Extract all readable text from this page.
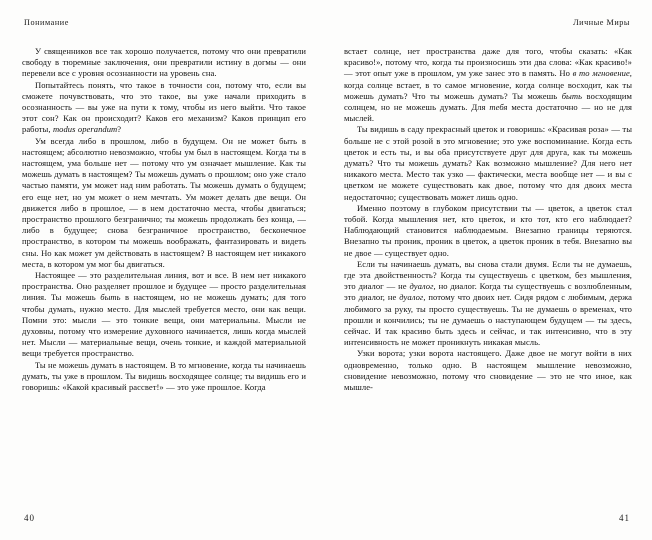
Понимание

У священников все так хорошо получается, потому что они превратили свободу в тюремные заключения, они превратили истину в догмы — они перевели все с уровня осознанности на уровень сна.

Попытайтесь понять, что такое в точности сон, потому что, если вы сможете почувствовать, что это такое, вы уже начали приходить в осознанность — вы уже на пути к тому, чтобы из него выйти. Что такое этот сон? Как он происходит? Каков его механизм? Каков принцип его работы, modus operandum?

Ум всегда либо в прошлом, либо в будущем. Он не может быть в настоящем; абсолютно невозможно, чтобы ум был в настоящем. Когда ты в настоящем, ума больше нет — потому что ум означает мышление. Как ты можешь думать в настоящем? Ты можешь думать о прошлом; оно уже стало частью памяти, ум может над ним работать. Ты можешь думать о будущем; его еще нет, но ум может о нем мечтать. Ум может делать две вещи. Он движется либо в прошлое, — в нем достаточно места, чтобы двигаться; пространство прошлого безгранично; ты можешь продолжать без конца, — либо в будущее; снова безграничное пространство, бесконечное пространство, в котором ты можешь воображать, фантазировать и видеть сны. Но как может ум действовать в настоящем? В настоящем нет никакого места, в котором ум мог бы двигаться.

Настоящее — это разделительная линия, вот и все. В нем нет никакого пространства. Оно разделяет прошлое и будущее — просто разделительная линия. Ты можешь быть в настоящем, но не можешь думать; для того чтобы думать, нужно место. Для мыслей требуется место, они как вещи. Помни это: мысли — это тонкие вещи, они материальны. Мысли не духовны, потому что измерение духовного начинается, лишь когда мыслей нет. Мысли — материальные вещи, очень тонкие, и каждой материальной вещи требуется пространство.

Ты не можешь думать в настоящем. В то мгновение, когда ты начинаешь думать, ты уже в прошлом. Ты видишь восходящее солнце; ты видишь его и говоришь: «Какой красивый рассвет!» — это уже прошлое. Когда

40
Личные Миры

встает солнце, нет пространства даже для того, чтобы сказать: «Как красиво!», потому что, когда ты произносишь эти два слова: «Как красиво!» — этот опыт уже в прошлом, ум уже занес это в память. Но в то мгновение, когда солнце встает, в то самое мгновение, когда солнце восходит, как ты можешь думать? Что ты можешь думать? Ты можешь быть восходящим солнцем, но не можешь думать. Для тебя места достаточно — но не для мыслей.

Ты видишь в саду прекрасный цветок и говоришь: «Красивая роза» — ты больше не с этой розой в это мгновение; это уже воспоминание. Когда есть цветок и есть ты, и вы оба присутствуете друг для друга, как ты можешь думать? Что ты можешь думать? Как возможно мышление? Для него нет никакого места. Место так узко — фактически, места вообще нет — и вы с цветком не можете существовать как двое, потому что для двоих места недостаточно; существовать может лишь одно.

Именно поэтому в глубоком присутствии ты — цветок, а цветок стал тобой. Когда мышления нет, кто цветок, и кто тот, кто его наблюдает? Наблюдающий становится наблюдаемым. Внезапно границы теряются. Внезапно ты проник, проник в цветок, а цветок проник в тебя. Внезапно вы не двое — существует одно.

Если ты начинаешь думать, вы снова стали двумя. Если ты не думаешь, где эта двойственность? Когда ты существуешь с цветком, без мышления, это диалог — не дуалог, но диалог. Когда ты существуешь с возлюбленным, это диалог, не дуалог, потому что двоих нет. Сидя рядом с любимым, держа любимого за руку, ты просто существуешь. Ты не думаешь о временах, что прошли и кончились; ты не думаешь о наступающем будущем — ты здесь, сейчас. И так красиво быть здесь и сейчас, и так интенсивно, что в эту интенсивность не может проникнуть никакая мысль.

Узки ворота; узки ворота настоящего. Даже двое не могут войти в них одновременно, только одно. В настоящем мышление невозможно, сновидение невозможно, потому что сновидение — это не что иное, как мышле-

41
